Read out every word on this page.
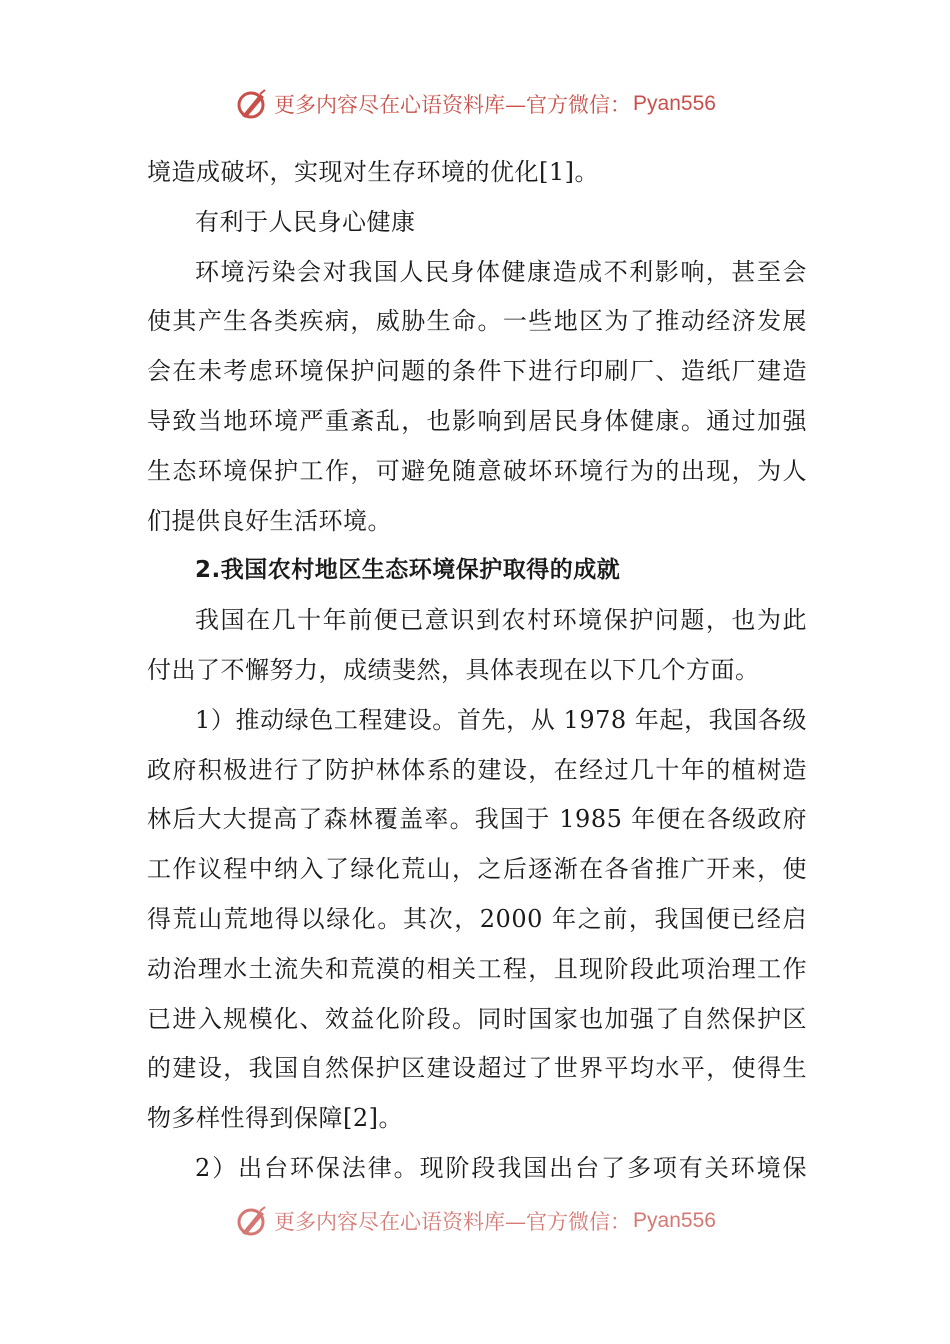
更多内容尽在心语资料库—官方微信： Pyan556
境造成破坏，实现对生存环境的优化[1]。
有利于人民身心健康
环境污染会对我国人民身体健康造成不利影响，甚至会
使其产生各类疾病，威胁生命。一些地区为了推动经济发展
会在未考虑环境保护问题的条件下进行印刷厂、造纸厂建造
导致当地环境严重紊乱，也影响到居民身体健康。通过加强
生态环境保护工作，可避免随意破坏环境行为的出现，为人
们提供良好生活环境。
2.我国农村地区生态环境保护取得的成就
我国在几十年前便已意识到农村环境保护问题，也为此
付出了不懈努力，成绩斐然，具体表现在以下几个方面。
1）推动绿色工程建设。首先，从 1978 年起，我国各级
政府积极进行了防护林体系的建设，在经过几十年的植树造
林后大大提高了森林覆盖率。我国于 1985 年便在各级政府
工作议程中纳入了绿化荒山，之后逐渐在各省推广开来，使
得荒山荒地得以绿化。其次，2000 年之前，我国便已经启
动治理水土流失和荒漠的相关工程，且现阶段此项治理工作
已进入规模化、效益化阶段。同时国家也加强了自然保护区
的建设，我国自然保护区建设超过了世界平均水平，使得生
物多样性得到保障[2]。
2）出台环保法律。现阶段我国出台了多项有关环境保
更多内容尽在心语资料库—官方微信： Pyan556
